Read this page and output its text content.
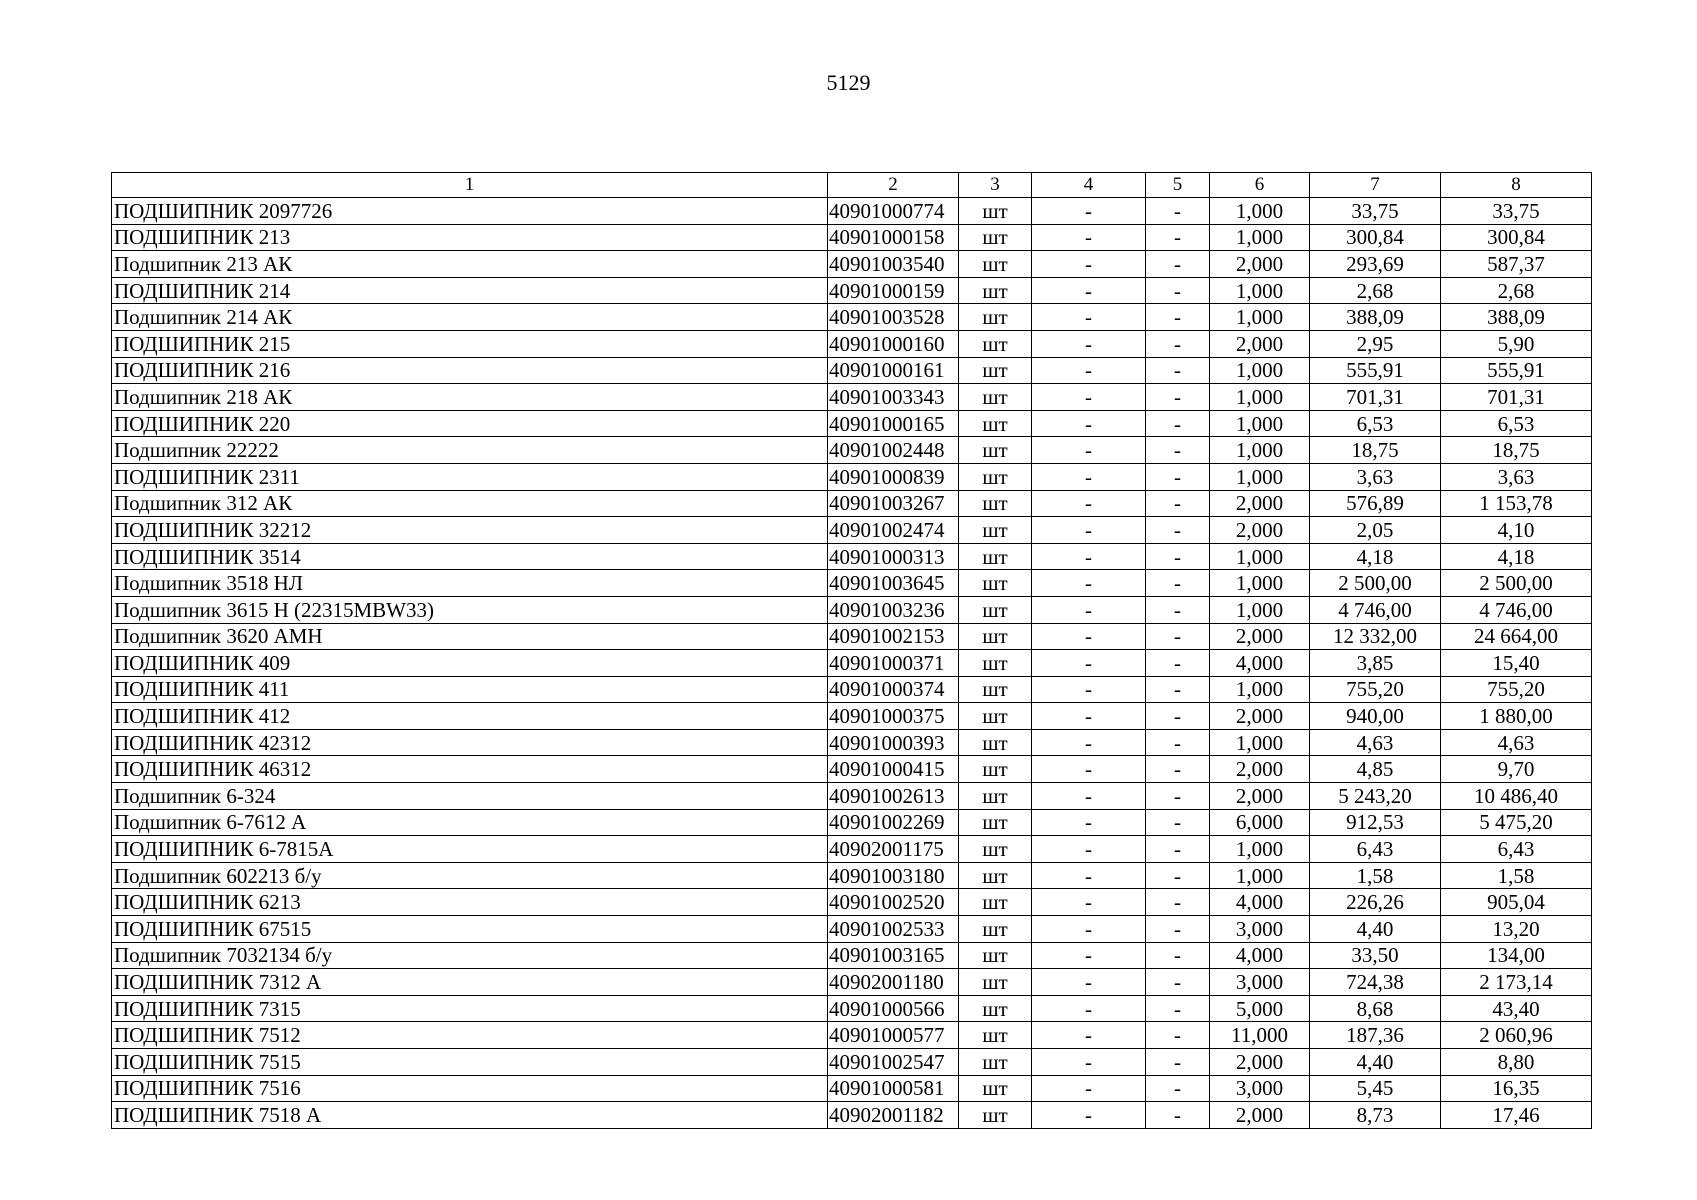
5129
1	2	3	4	5	6	7	8
ПОДШИПНИК 2097726	40901000774	шт	-	-	1,000	33,75	33,75
ПОДШИПНИК 213	40901000158	шт	-	-	1,000	300,84	300,84
Подшипник 213 АК	40901003540	шт	-	-	2,000	293,69	587,37
ПОДШИПНИК 214	40901000159	шт	-	-	1,000	2,68	2,68
Подшипник 214 АК	40901003528	шт	-	-	1,000	388,09	388,09
ПОДШИПНИК 215	40901000160	шт	-	-	2,000	2,95	5,90
ПОДШИПНИК 216	40901000161	шт	-	-	1,000	555,91	555,91
Подшипник 218 АК	40901003343	шт	-	-	1,000	701,31	701,31
ПОДШИПНИК 220	40901000165	шт	-	-	1,000	6,53	6,53
Подшипник 22222	40901002448	шт	-	-	1,000	18,75	18,75
ПОДШИПНИК 2311	40901000839	шт	-	-	1,000	3,63	3,63
Подшипник 312 АК	40901003267	шт	-	-	2,000	576,89	1 153,78
ПОДШИПНИК 32212	40901002474	шт	-	-	2,000	2,05	4,10
ПОДШИПНИК 3514	40901000313	шт	-	-	1,000	4,18	4,18
Подшипник 3518 НЛ	40901003645	шт	-	-	1,000	2 500,00	2 500,00
Подшипник 3615 Н (22315MBW33)	40901003236	шт	-	-	1,000	4 746,00	4 746,00
Подшипник 3620 АМН	40901002153	шт	-	-	2,000	12 332,00	24 664,00
ПОДШИПНИК 409	40901000371	шт	-	-	4,000	3,85	15,40
ПОДШИПНИК 411	40901000374	шт	-	-	1,000	755,20	755,20
ПОДШИПНИК 412	40901000375	шт	-	-	2,000	940,00	1 880,00
ПОДШИПНИК 42312	40901000393	шт	-	-	1,000	4,63	4,63
ПОДШИПНИК 46312	40901000415	шт	-	-	2,000	4,85	9,70
Подшипник 6-324	40901002613	шт	-	-	2,000	5 243,20	10 486,40
Подшипник 6-7612 А	40901002269	шт	-	-	6,000	912,53	5 475,20
ПОДШИПНИК 6-7815А	40902001175	шт	-	-	1,000	6,43	6,43
Подшипник 602213 б/у	40901003180	шт	-	-	1,000	1,58	1,58
ПОДШИПНИК 6213	40901002520	шт	-	-	4,000	226,26	905,04
ПОДШИПНИК 67515	40901002533	шт	-	-	3,000	4,40	13,20
Подшипник 7032134 б/у	40901003165	шт	-	-	4,000	33,50	134,00
ПОДШИПНИК 7312 А	40902001180	шт	-	-	3,000	724,38	2 173,14
ПОДШИПНИК 7315	40901000566	шт	-	-	5,000	8,68	43,40
ПОДШИПНИК 7512	40901000577	шт	-	-	11,000	187,36	2 060,96
ПОДШИПНИК 7515	40901002547	шт	-	-	2,000	4,40	8,80
ПОДШИПНИК 7516	40901000581	шт	-	-	3,000	5,45	16,35
ПОДШИПНИК 7518 А	40902001182	шт	-	-	2,000	8,73	17,46
